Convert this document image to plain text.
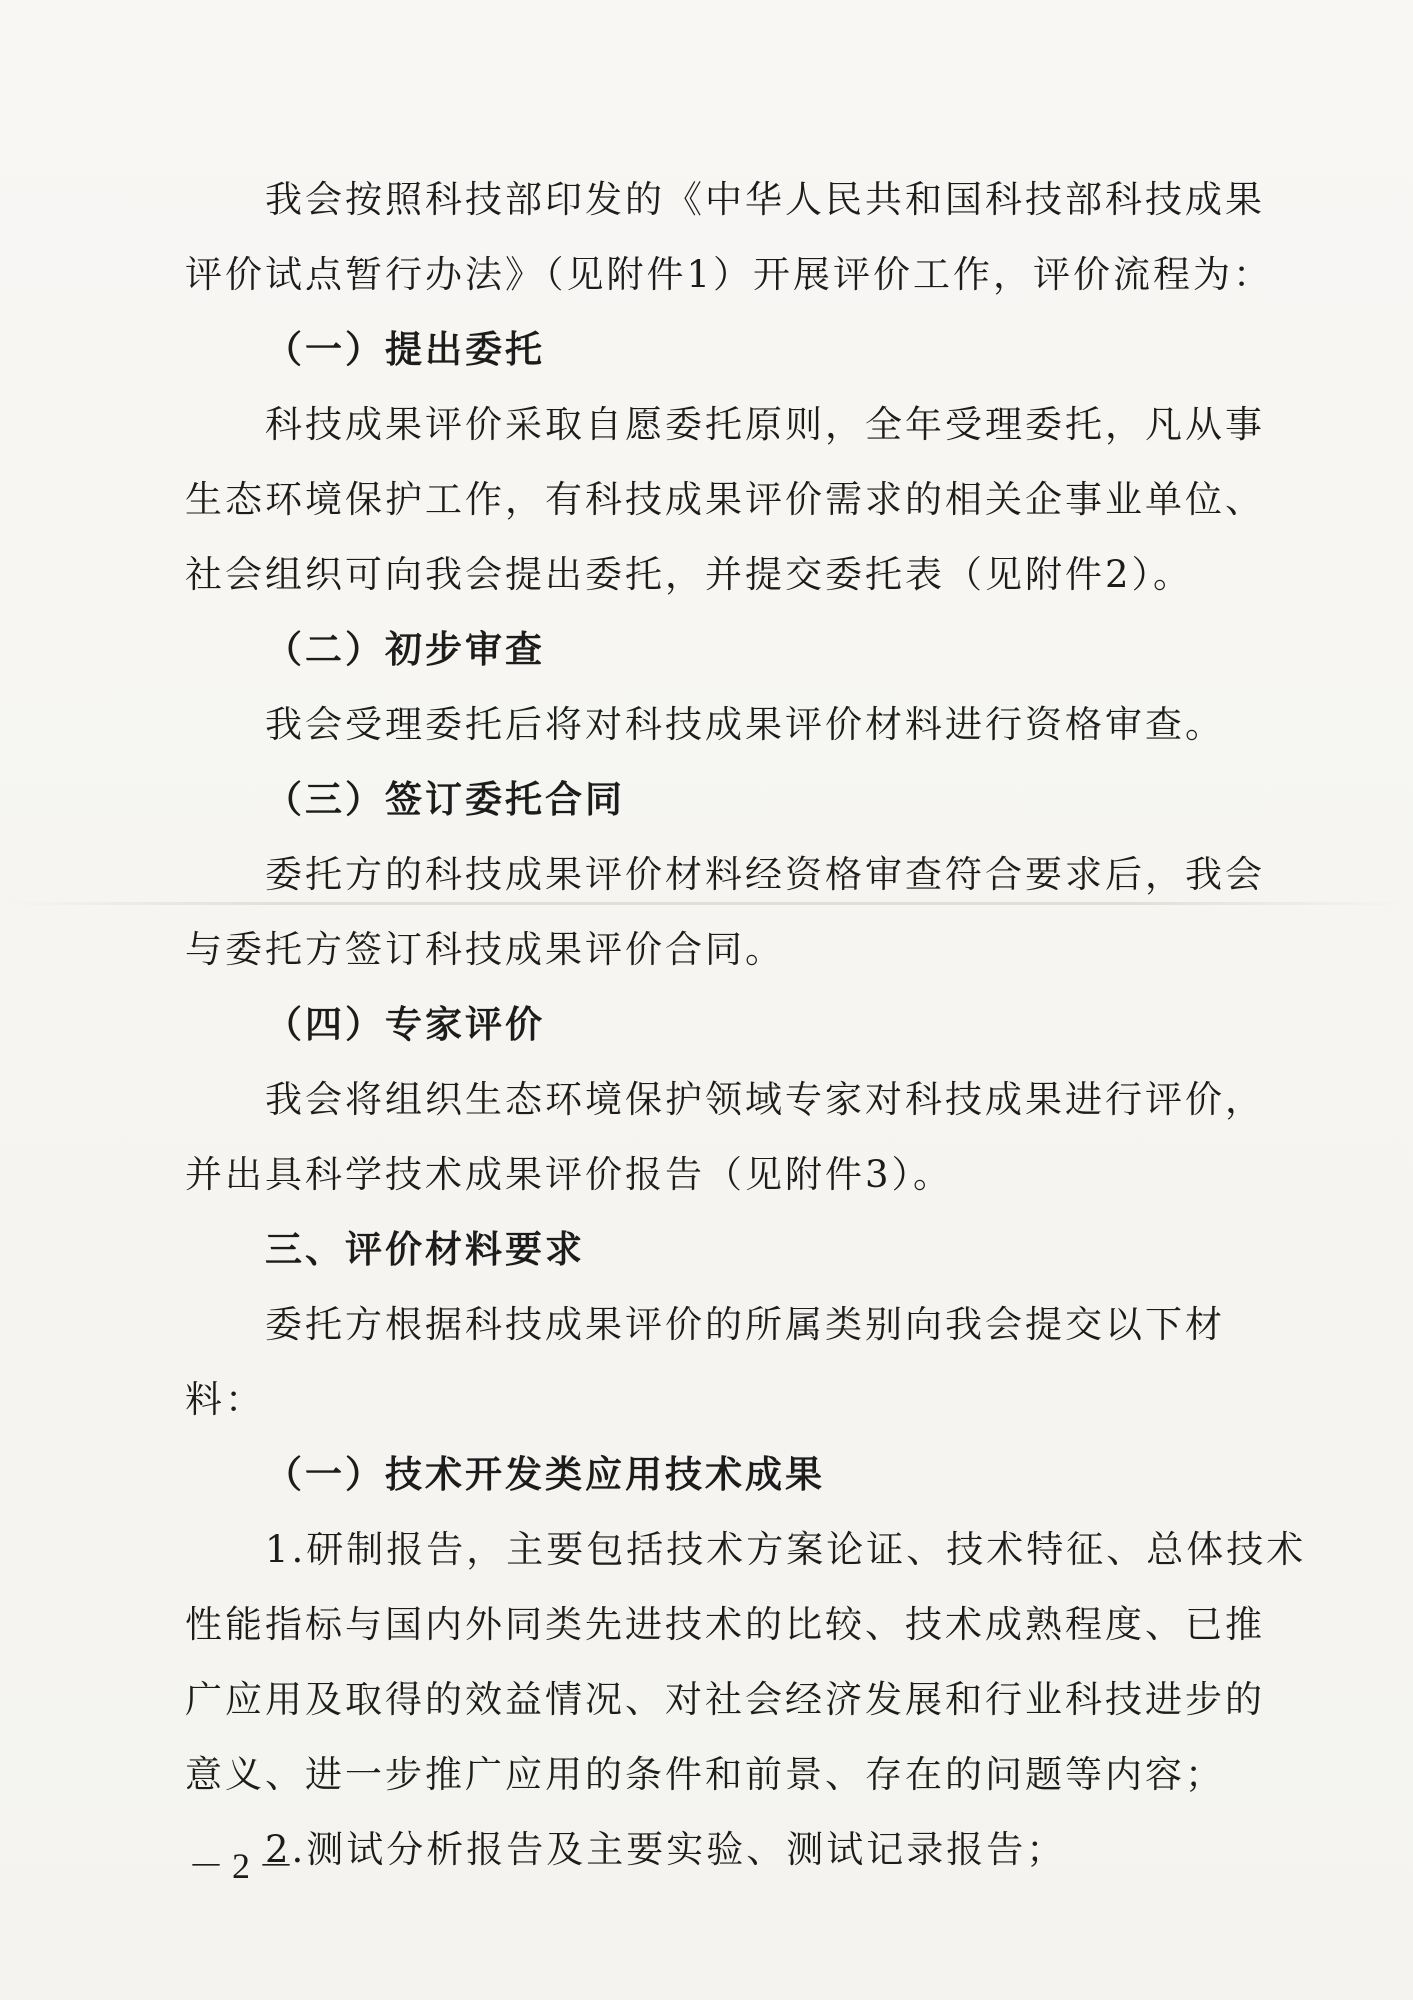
我会按照科技部印发的《中华人民共和国科技部科技成果
评价试点暂行办法》（见附件1）开展评价工作，评价流程为：
（一）提出委托
科技成果评价采取自愿委托原则，全年受理委托，凡从事
生态环境保护工作，有科技成果评价需求的相关企事业单位、
社会组织可向我会提出委托，并提交委托表（见附件2）。
（二）初步审查
我会受理委托后将对科技成果评价材料进行资格审查。
（三）签订委托合同
委托方的科技成果评价材料经资格审查符合要求后，我会
与委托方签订科技成果评价合同。
（四）专家评价
我会将组织生态环境保护领域专家对科技成果进行评价，
并出具科学技术成果评价报告（见附件3）。
三、评价材料要求
委托方根据科技成果评价的所属类别向我会提交以下材
料：
（一）技术开发类应用技术成果
1.研制报告，主要包括技术方案论证、技术特征、总体技术
性能指标与国内外同类先进技术的比较、技术成熟程度、已推
广应用及取得的效益情况、对社会经济发展和行业科技进步的
意义、进一步推广应用的条件和前景、存在的问题等内容；
2.测试分析报告及主要实验、测试记录报告；
－2－
